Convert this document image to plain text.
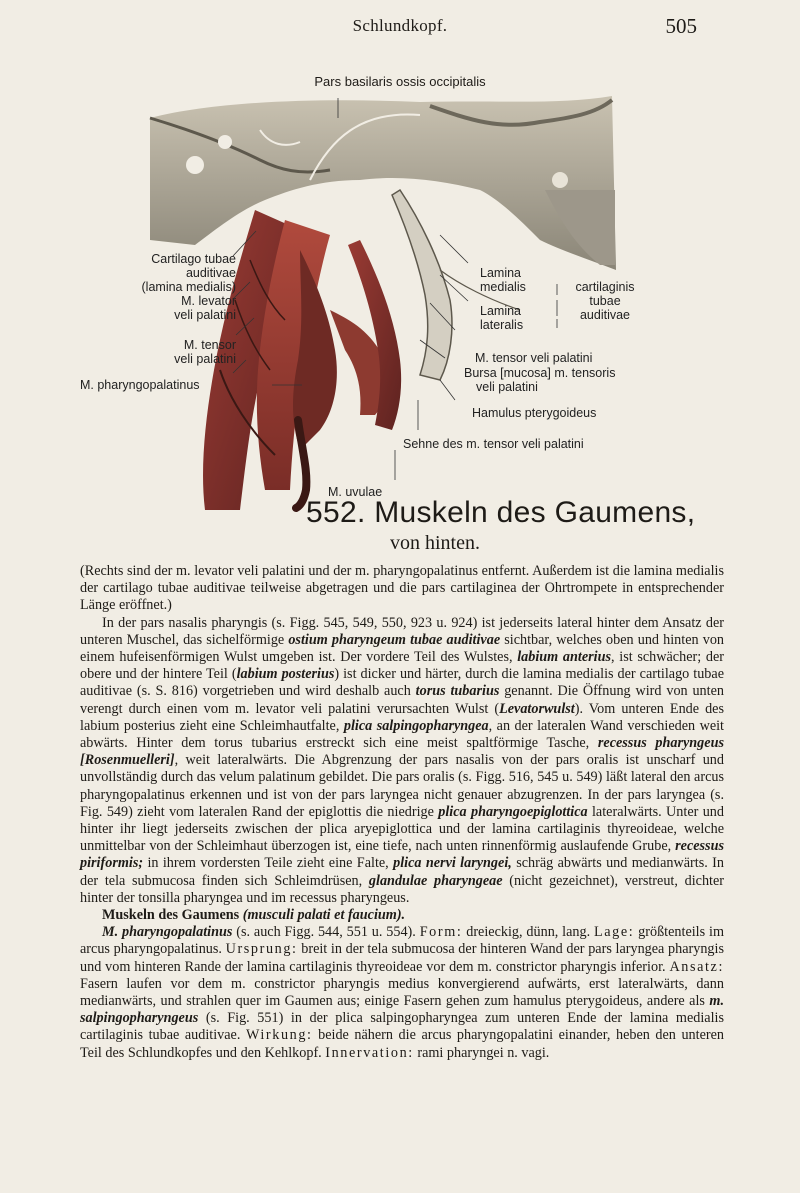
Schlundkopf.	505
Pars basilaris ossis occipitalis
Cartilago tubae
auditivae
(lamina medialis)
M. levator
veli palatini
M. tensor
veli palatini
M. pharyngopalatinus
Lamina
medialis
Lamina
lateralis
cartilaginis
tubae
auditivae
M. tensor veli palatini
Bursa [mucosa] m. tensoris
veli palatini
Hamulus pterygoideus
Sehne des m. tensor veli palatini
M. uvulae
552. Muskeln des Gaumens,
von hinten.

(Rechts sind der m. levator veli palatini und der m. pharyngopalatinus entfernt. Außerdem ist die lamina medialis der cartilago tubae auditivae teilweise abgetragen und die pars cartilaginea der Ohrtrompete in entsprechender Länge eröffnet.)

In der pars nasalis pharyngis (s. Figg. 545, 549, 550, 923 u. 924) ist jederseits lateral hinter dem Ansatz der unteren Muschel, das sichelförmige ostium pharyngeum tubae auditivae sichtbar, welches oben und hinten von einem hufeisenförmigen Wulst umgeben ist. Der vordere Teil des Wulstes, labium anterius, ist schwächer; der obere und der hintere Teil (labium posterius) ist dicker und härter, durch die lamina medialis der cartilago tubae auditivae (s. S. 816) vorgetrieben und wird deshalb auch torus tubarius genannt. Die Öffnung wird von unten verengt durch einen vom m. levator veli palatini verursachten Wulst (Levatorwulst). Vom unteren Ende des labium posterius zieht eine Schleimhautfalte, plica salpingopharyngea, an der lateralen Wand verschieden weit abwärts. Hinter dem torus tubarius erstreckt sich eine meist spaltförmige Tasche, recessus pharyngeus [Rosenmuelleri], weit lateralwärts. Die Abgrenzung der pars nasalis von der pars oralis ist unscharf und unvollständig durch das velum palatinum gebildet. Die pars oralis (s. Figg. 516, 545 u. 549) läßt lateral den arcus pharyngopalatinus erkennen und ist von der pars laryngea nicht genauer abzugrenzen. In der pars laryngea (s. Fig. 549) zieht vom lateralen Rand der epiglottis die niedrige plica pharyngoepiglottica lateralwärts. Unter und hinter ihr liegt jederseits zwischen der plica aryepiglottica und der lamina cartilaginis thyreoideae, welche unmittelbar von der Schleimhaut überzogen ist, eine tiefe, nach unten rinnenförmig auslaufende Grube, recessus piriformis; in ihrem vordersten Teile zieht eine Falte, plica nervi laryngei, schräg abwärts und medianwärts. In der tela submucosa finden sich Schleimdrüsen, glandulae pharyngeae (nicht gezeichnet), verstreut, dichter hinter der tonsilla pharyngea und im recessus pharyngeus.

Muskeln des Gaumens (musculi palati et faucium).

M. pharyngopalatinus (s. auch Figg. 544, 551 u. 554). Form: dreieckig, dünn, lang. Lage: größtenteils im arcus pharyngopalatinus. Ursprung: breit in der tela submucosa der hinteren Wand der pars laryngea pharyngis und vom hinteren Rande der lamina cartilaginis thyreoideae vor dem m. constrictor pharyngis inferior. Ansatz: Fasern laufen vor dem m. constrictor pharyngis medius konvergierend aufwärts, erst lateralwärts, dann medianwärts, und strahlen quer im Gaumen aus; einige Fasern gehen zum hamulus pterygoideus, andere als m. salpingopharyngeus (s. Fig. 551) in der plica salpingopharyngea zum unteren Ende der lamina medialis cartilaginis tubae auditivae. Wirkung: beide nähern die arcus pharyngopalatini einander, heben den unteren Teil des Schlundkopfes und den Kehlkopf. Innervation: rami pharyngei n. vagi.
